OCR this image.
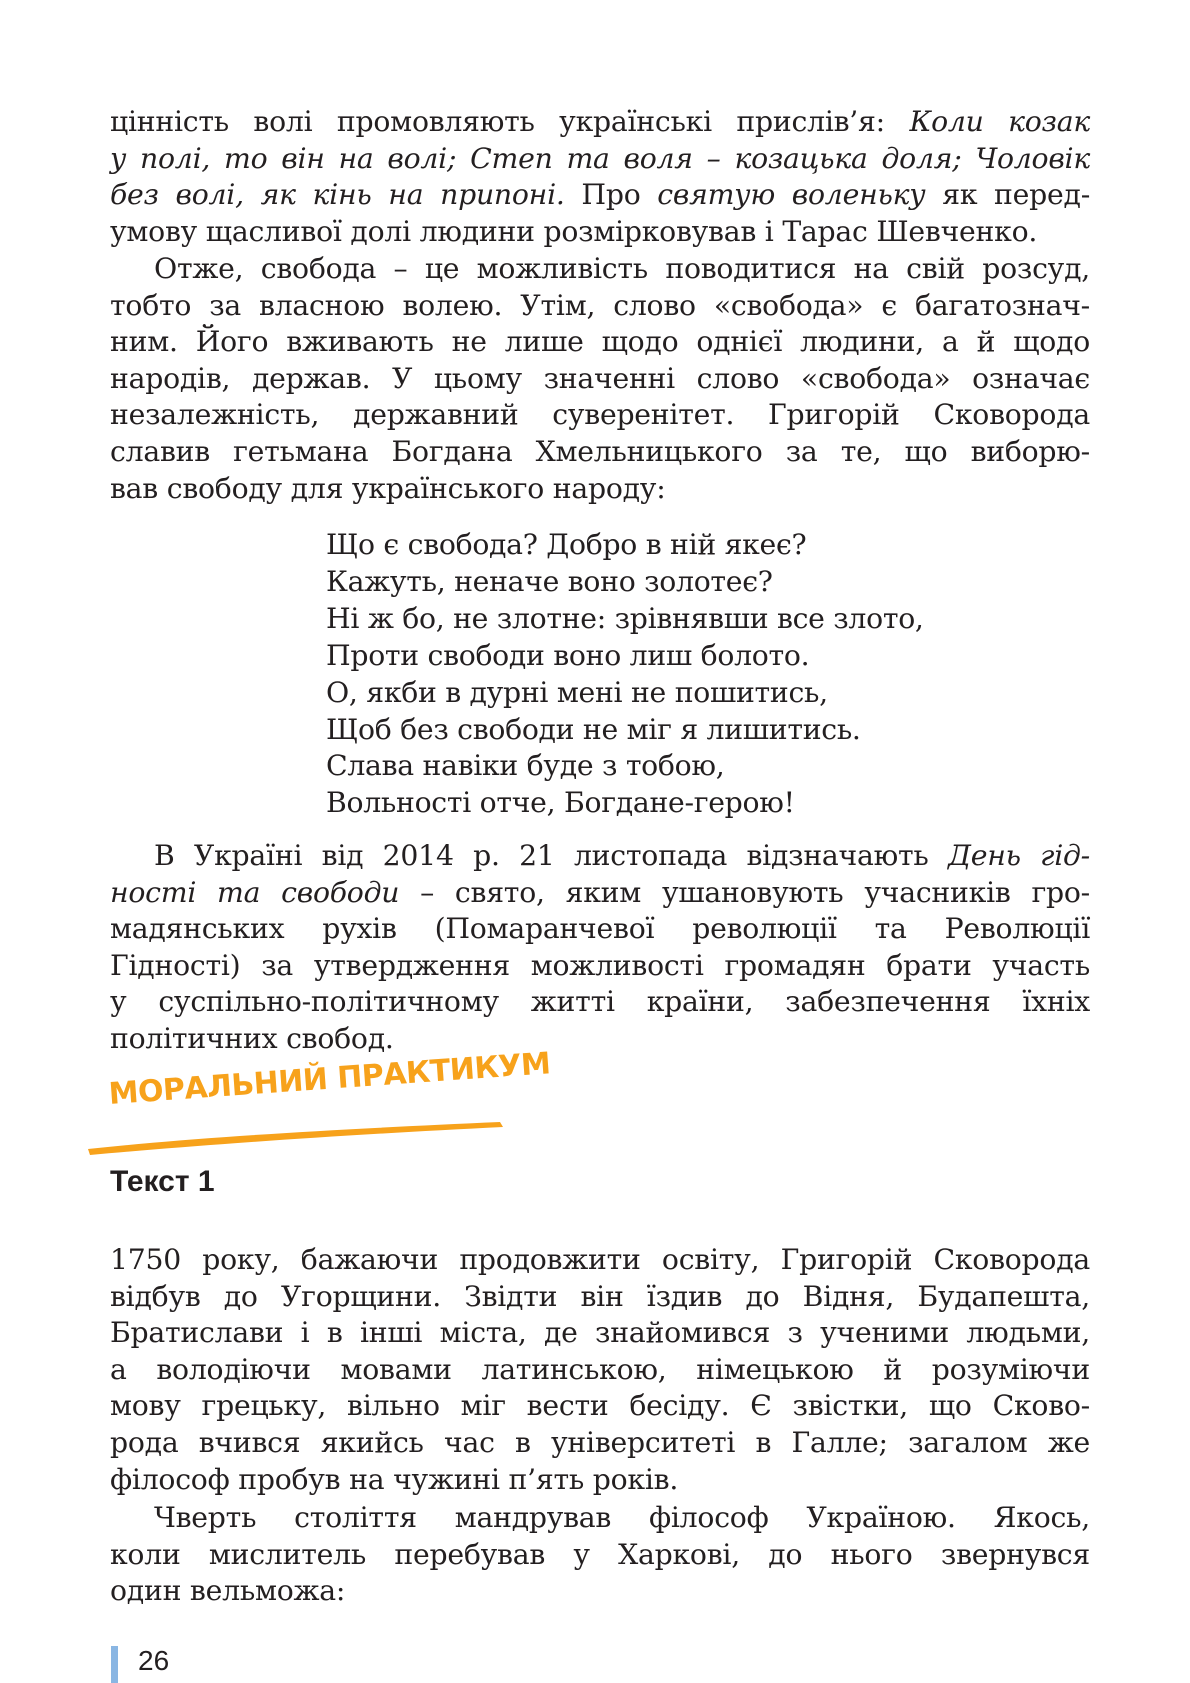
цінність волі промовляють українські прислів’я: Коли козак
у полі, то він на волі; Степ та воля – козацька доля; Чоловік
без волі, як кінь на припоні. Про святую воленьку як перед-
умову щасливої долі людини розмірковував і Тарас Шевченко.
Отже, свобода – це можливість поводитися на свій розсуд,
тобто за власною волею. Утім, слово «свобода» є багатознач-
ним. Його вживають не лише щодо однієї людини, а й щодо
народів, держав. У цьому значенні слово «свобода» означає
незалежність, державний суверенітет. Григорій Сковорода
славив гетьмана Богдана Хмельницького за те, що виборю-
вав свободу для українського народу:
Що є свобода? Добро в ній якеє?
Кажуть, неначе воно золотеє?
Ні ж бо, не злотне: зрівнявши все злото,
Проти свободи воно лиш болото.
О, якби в дурні мені не пошитись,
Щоб без свободи не міг я лишитись.
Слава навіки буде з тобою,
Вольності отче, Богдане-герою!
В Україні від 2014 р. 21 листопада відзначають День гід-
ності та свободи – свято, яким ушановують учасників гро-
мадянських рухів (Помаранчевої революції та Революції
Гідності) за утвердження можливості громадян брати участь
у суспільно-політичному житті країни, забезпечення їхніх
політичних свобод.
МОРАЛЬНИЙ ПРАКТИКУМ
Текст 1
1750 року, бажаючи продовжити освіту, Григорій Сковорода
відбув до Угорщини. Звідти він їздив до Відня, Будапешта,
Братислави і в інші міста, де знайомився з ученими людьми,
а володіючи мовами латинською, німецькою й розуміючи
мову грецьку, вільно міг вести бесіду. Є звістки, що Сково-
рода вчився якийсь час в університеті в Галле; загалом же
філософ пробув на чужині п’ять років.
Чверть століття мандрував філософ Україною. Якось,
коли мислитель перебував у Харкові, до нього звернувся
один вельможа:
26
